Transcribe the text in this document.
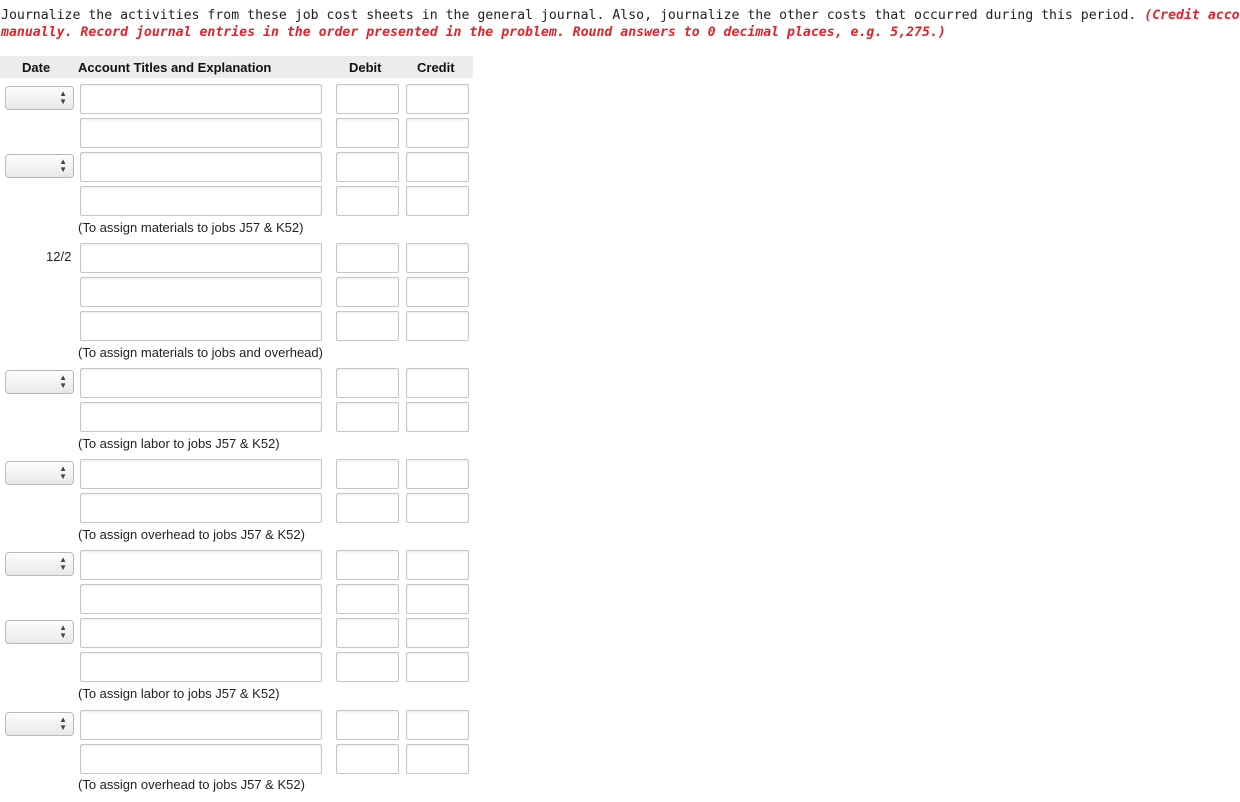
Journalize the activities from these job cost sheets in the general journal. Also, journalize the other costs that occurred during this period. (Credit acco
manually. Record journal entries in the order presented in the problem. Round answers to 0 decimal places, e.g. 5,275.)
Date Account Titles and Explanation	Debit	Credit
▲
▼
▲
▼
(To assign materials to jobs J57 & K52)
12/2
(To assign materials to jobs and overhead)
▲
▼
(To assign labor to jobs J57 & K52)
▲
▼
(To assign overhead to jobs J57 & K52)
▲
▼
▲
▼
(To assign labor to jobs J57 & K52)
▲
▼
(To assign overhead to jobs J57 & K52)
